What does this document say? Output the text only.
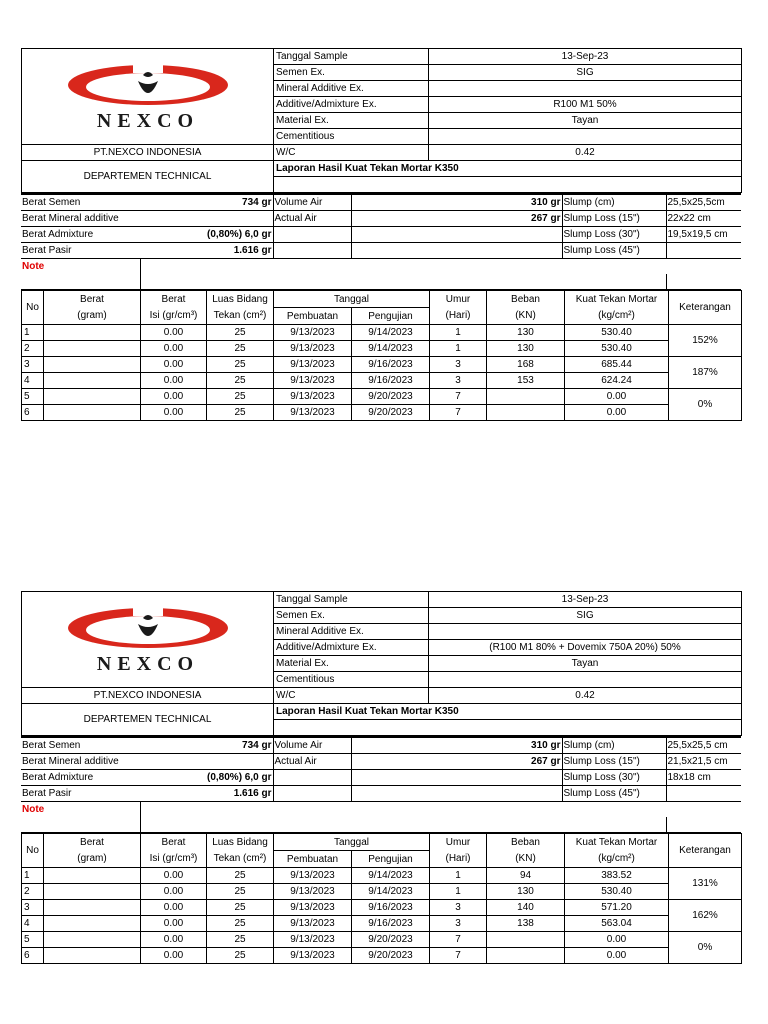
NEXCO	Tanggal Sample	13-Sep-23
	Semen Ex.	SIG
	Mineral Additive Ex.	
	Additive/Admixture Ex.	R100 M1 50%
	Material Ex.	Tayan
	Cementitious	
PT.NEXCO INDONESIA	W/C	0.42
DEPARTEMEN TECHNICAL	Laporan Hasil Kuat Tekan Mortar K350	

Berat Semen	734 gr	Volume Air	310 gr	Slump (cm)	25,5x25,5cm
Berat Mineral additive		Actual Air	267 gr	Slump Loss (15")	22x22 cm
Berat Admixture	(0,80%) 6,0 gr			Slump Loss (30")	19,5x19,5 cm
Berat Pasir	1.616 gr			Slump Loss (45")	
Note					

No	Berat	Berat	Luas Bidang	Tanggal		Umur	Beban	Kuat Tekan Mortar	Keterangan
	(gram)	Isi (gr/cm³)	Tekan (cm²)	Pembuatan	Pengujian	(Hari)	(KN)	(kg/cm²)	
1		0.00	25	9/13/2023	9/14/2023	1	130	530.40	152%
2		0.00	25	9/13/2023	9/14/2023	1	130	530.40	
3		0.00	25	9/13/2023	9/16/2023	3	168	685.44	187%
4		0.00	25	9/13/2023	9/16/2023	3	153	624.24	
5		0.00	25	9/13/2023	9/20/2023	7		0.00	0%
6		0.00	25	9/13/2023	9/20/2023	7		0.00	
NEXCO	Tanggal Sample	13-Sep-23
	Semen Ex.	SIG
	Mineral Additive Ex.	
	Additive/Admixture Ex.	(R100 M1 80% + Dovemix 750A 20%) 50%
	Material Ex.	Tayan
	Cementitious	
PT.NEXCO INDONESIA	W/C	0.42
DEPARTEMEN TECHNICAL	Laporan Hasil Kuat Tekan Mortar K350	

Berat Semen	734 gr	Volume Air	310 gr	Slump (cm)	25,5x25,5 cm
Berat Mineral additive		Actual Air	267 gr	Slump Loss (15")	21,5x21,5 cm
Berat Admixture	(0,80%) 6,0 gr			Slump Loss (30")	18x18 cm
Berat Pasir	1.616 gr			Slump Loss (45")	
Note					

No	Berat	Berat	Luas Bidang	Tanggal		Umur	Beban	Kuat Tekan Mortar	Keterangan
	(gram)	Isi (gr/cm³)	Tekan (cm²)	Pembuatan	Pengujian	(Hari)	(KN)	(kg/cm²)	
1		0.00	25	9/13/2023	9/14/2023	1	94	383.52	131%
2		0.00	25	9/13/2023	9/14/2023	1	130	530.40	
3		0.00	25	9/13/2023	9/16/2023	3	140	571.20	162%
4		0.00	25	9/13/2023	9/16/2023	3	138	563.04	
5		0.00	25	9/13/2023	9/20/2023	7		0.00	0%
6		0.00	25	9/13/2023	9/20/2023	7		0.00	
